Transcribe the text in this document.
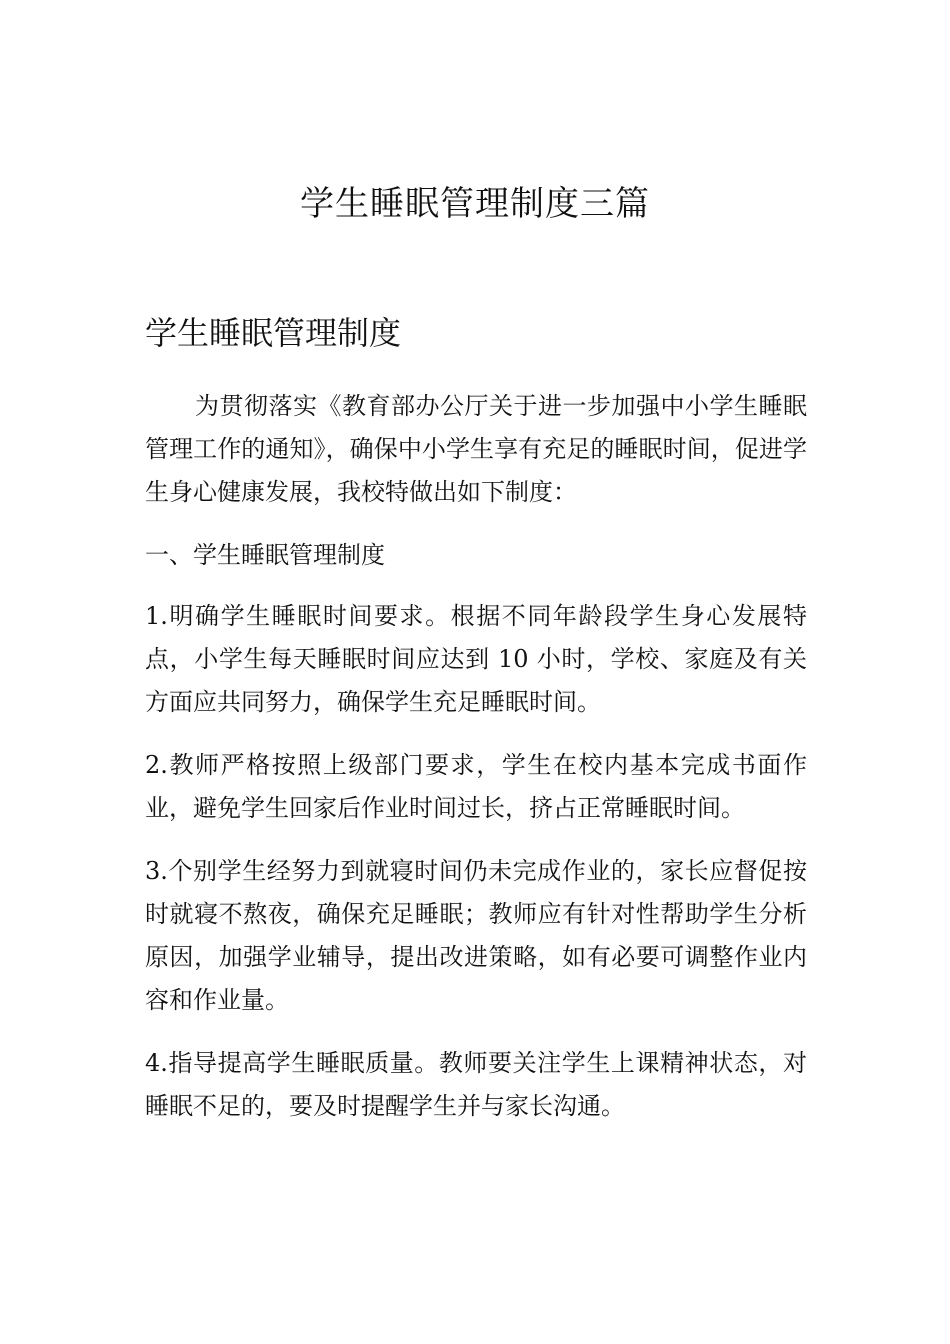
学生睡眠管理制度三篇
学生睡眠管理制度

为贯彻落实《教育部办公厅关于进一步加强中小学生睡眠管理工作的通知》，确保中小学生享有充足的睡眠时间，促进学生身心健康发展，我校特做出如下制度：

一、学生睡眠管理制度

1.明确学生睡眠时间要求。根据不同年龄段学生身心发展特点，小学生每天睡眠时间应达到 10 小时，学校、家庭及有关方面应共同努力，确保学生充足睡眠时间。

2.教师严格按照上级部门要求，学生在校内基本完成书面作业，避免学生回家后作业时间过长，挤占正常睡眠时间。

3.个别学生经努力到就寝时间仍未完成作业的，家长应督促按时就寝不熬夜，确保充足睡眠；教师应有针对性帮助学生分析原因，加强学业辅导，提出改进策略，如有必要可调整作业内容和作业量。

4.指导提高学生睡眠质量。教师要关注学生上课精神状态，对睡眠不足的，要及时提醒学生并与家长沟通。
